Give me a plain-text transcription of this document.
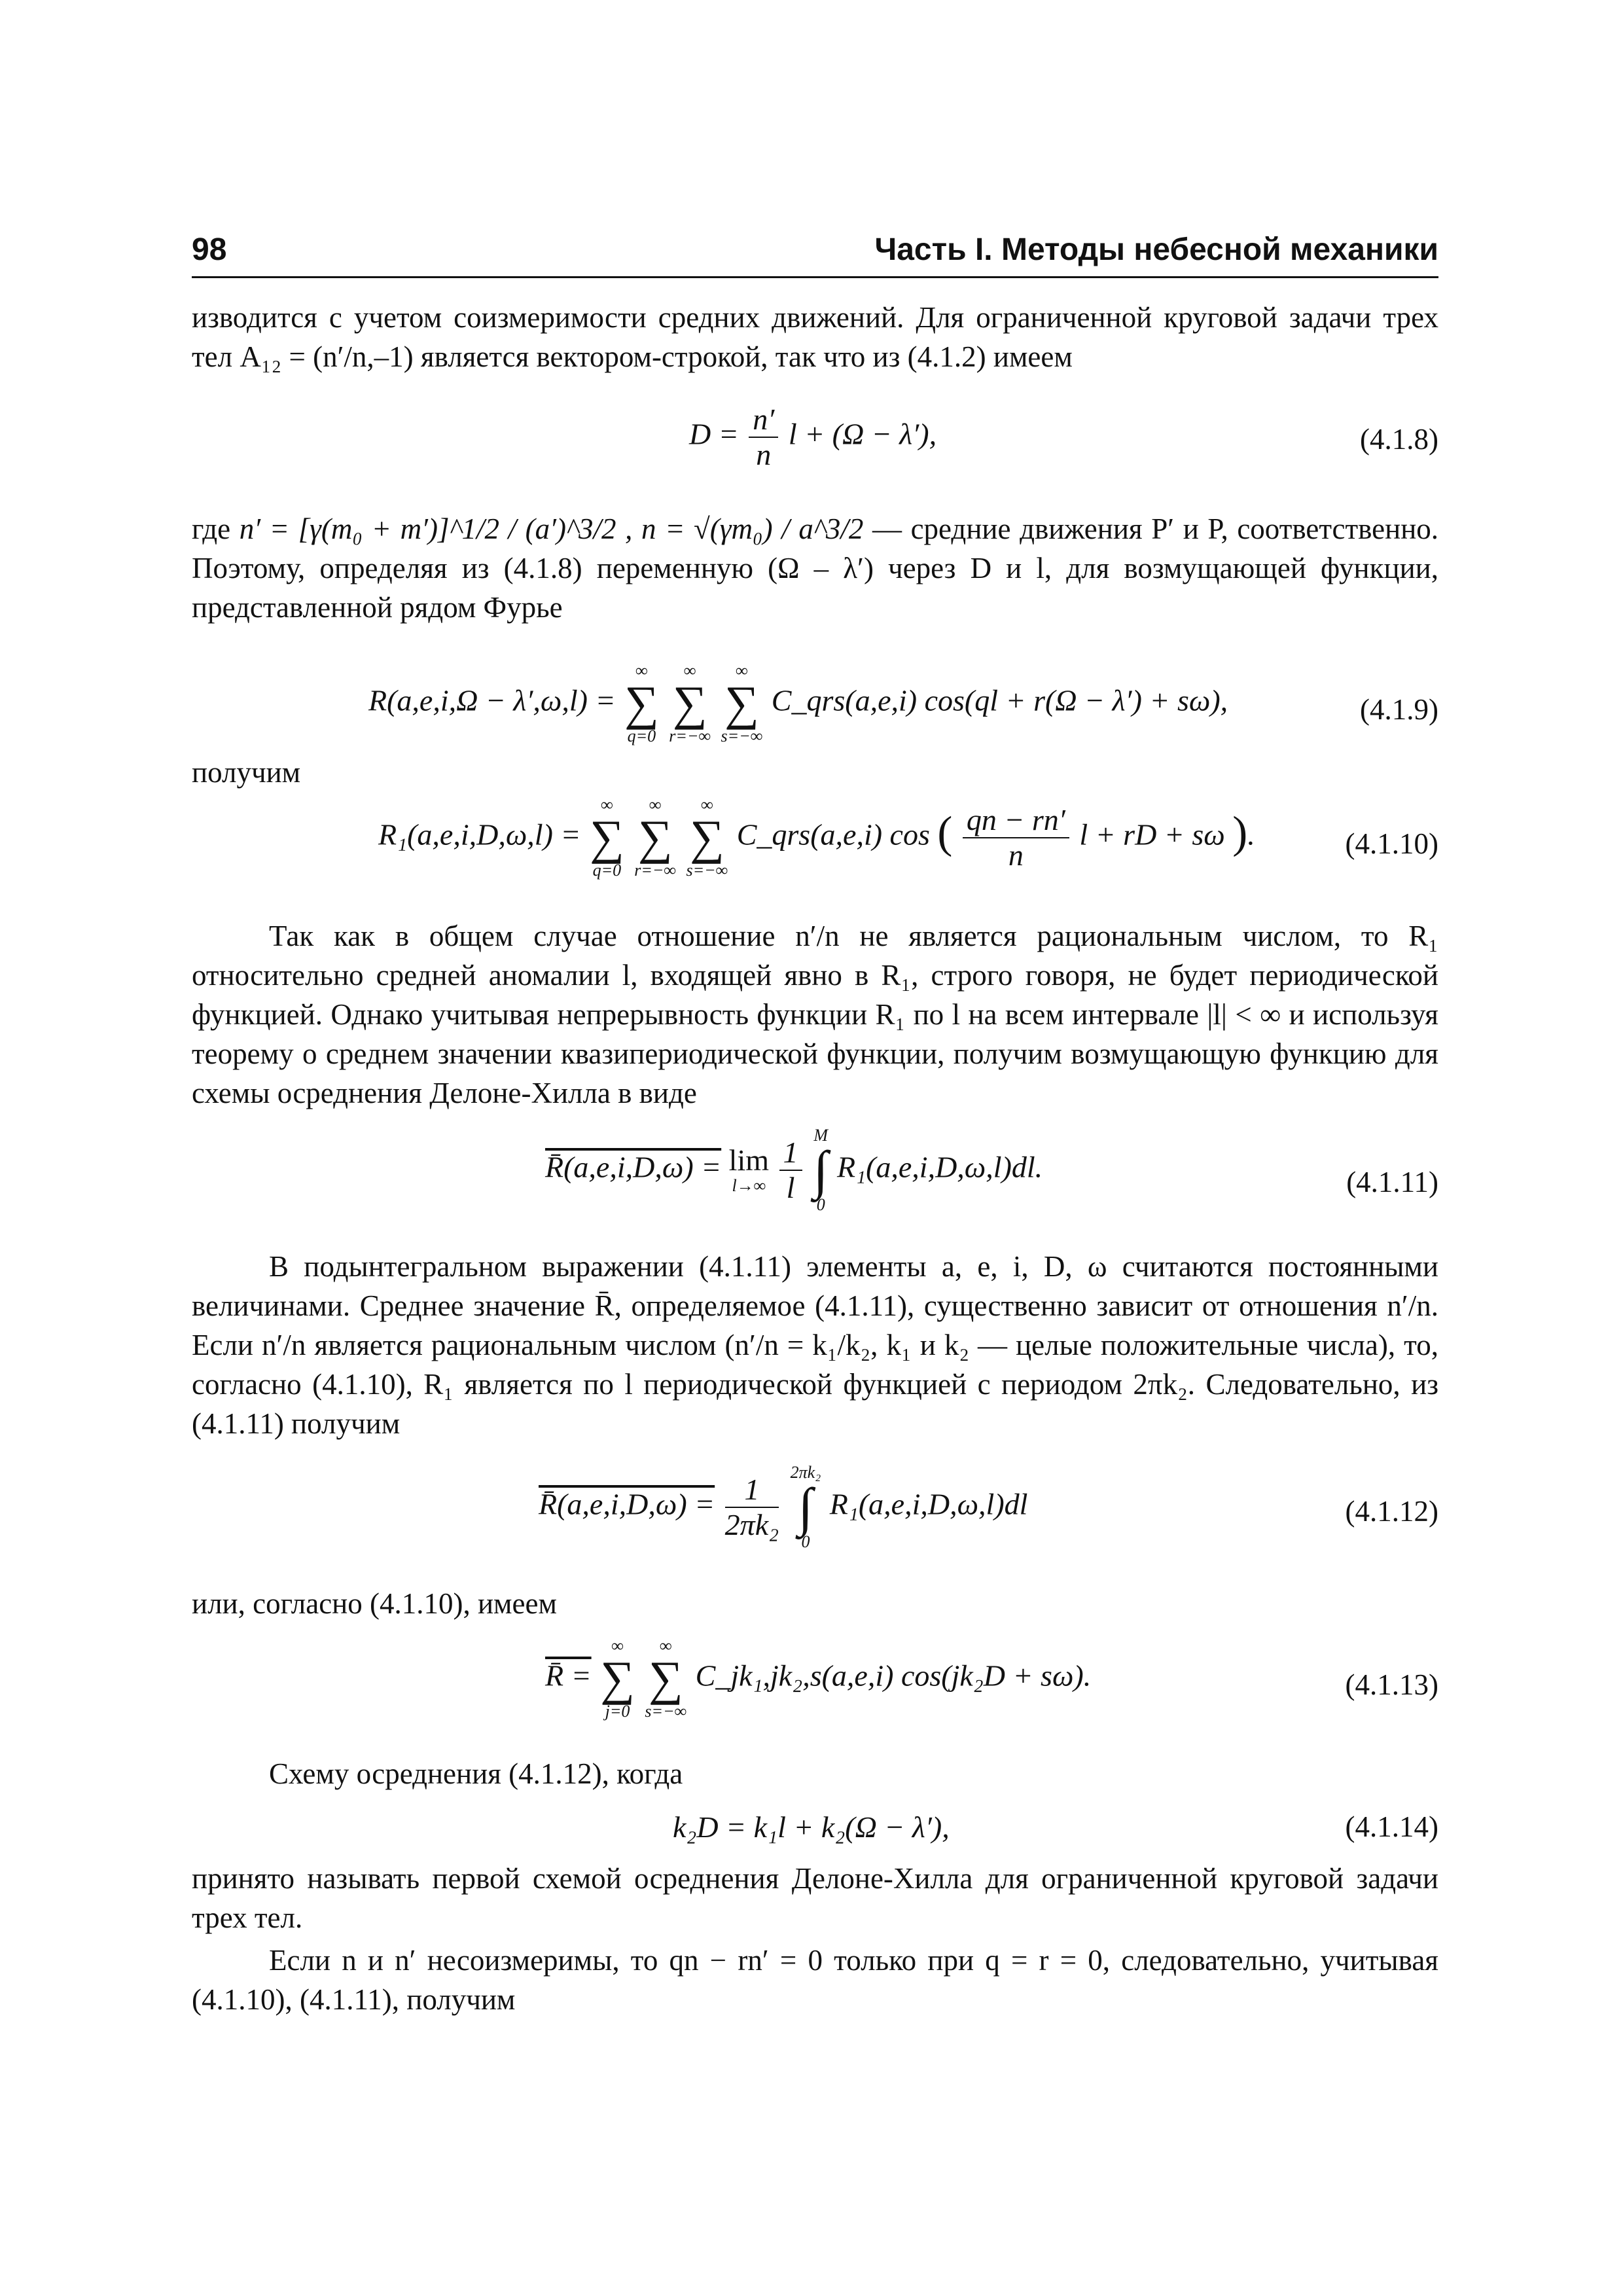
98	Часть I. Методы небесной механики

изводится с учетом соизмеримости средних движений. Для ограниченной круговой задачи трех тел A₁₂ = (n′/n,–1) является вектором-строкой, так что из (4.1.2) имеем

$D = \frac{n'}{n}$ l + (Ω − λ′),	(4.1.8)
где n′ = [γ(m₀ + m′)]^1/2 / (a′)^3/2 , n = √(γm₀) / a^3/2 — средние движения P′ и P, соответственно. Поэтому, определяя из (4.1.8) переменную (Ω – λ′) через D и l, для возмущающей функции, представленной рядом Фурье
R(a,e,i,Ω − λ′,ω,l) =
∞
∑
q=0

∞
∑
r=−∞

∞
∑
s=−∞
C_qrs(a,e,i) cos(ql + r(Ω − λ′) + sω),	(4.1.9)

получим

R₁(a,e,i,D,ω,l) =
∞
∑
q=0

∞
∑
r=−∞

∞
∑
s=−∞
C_qrs(a,e,i) cos ( $\frac{qn - rn'}{n}$ l + rD + sω ).	(4.1.10)

Так как в общем случае отношение n′/n не является рациональным числом, то R₁ относительно средней аномалии l, входящей явно в R₁, строго говоря, не будет периодической функцией. Однако учитывая непрерывность функции R₁ по l на всем интервале |l| < ∞ и используя теорему о среднем значении квазипериодической функции, получим возмущающую функцию для схемы осреднения Делоне-Хилла в виде

R̄(a,e,i,D,ω) = lim
l→∞
$\frac{1}{l}$

M
∫
0
R₁(a,e,i,D,ω,l)dl.	(4.1.11)

В подынтегральном выражении (4.1.11) элементы a, e, i, D, ω считаются постоянными величинами. Среднее значение R̄, определяемое (4.1.11), существенно зависит от отношения n′/n. Если n′/n является рациональным числом (n′/n = k₁/k₂, k₁ и k₂ — целые положительные числа), то, согласно (4.1.10), R₁ является по l периодической функцией с периодом 2πk₂. Следовательно, из (4.1.11) получим

R̄(a,e,i,D,ω) = $\frac{1}{\text{2πk₂}}$

2πk₂
∫
0
R₁(a,e,i,D,ω,l)dl	(4.1.12)

или, согласно (4.1.10), имеем

R̄ =
∞
∑
j=0

∞
∑
s=−∞
C_jk₁,jk₂,s(a,e,i) cos(jk₂D + sω).	(4.1.13)

Схему осреднения (4.1.12), когда

k₂D = k₁l + k₂(Ω − λ′),	(4.1.14)

принято называть первой схемой осреднения Делоне-Хилла для ограниченной круговой задачи трех тел.

Если n и n′ несоизмеримы, то qn − rn′ = 0 только при q = r = 0, следовательно, учитывая (4.1.10), (4.1.11), получим
